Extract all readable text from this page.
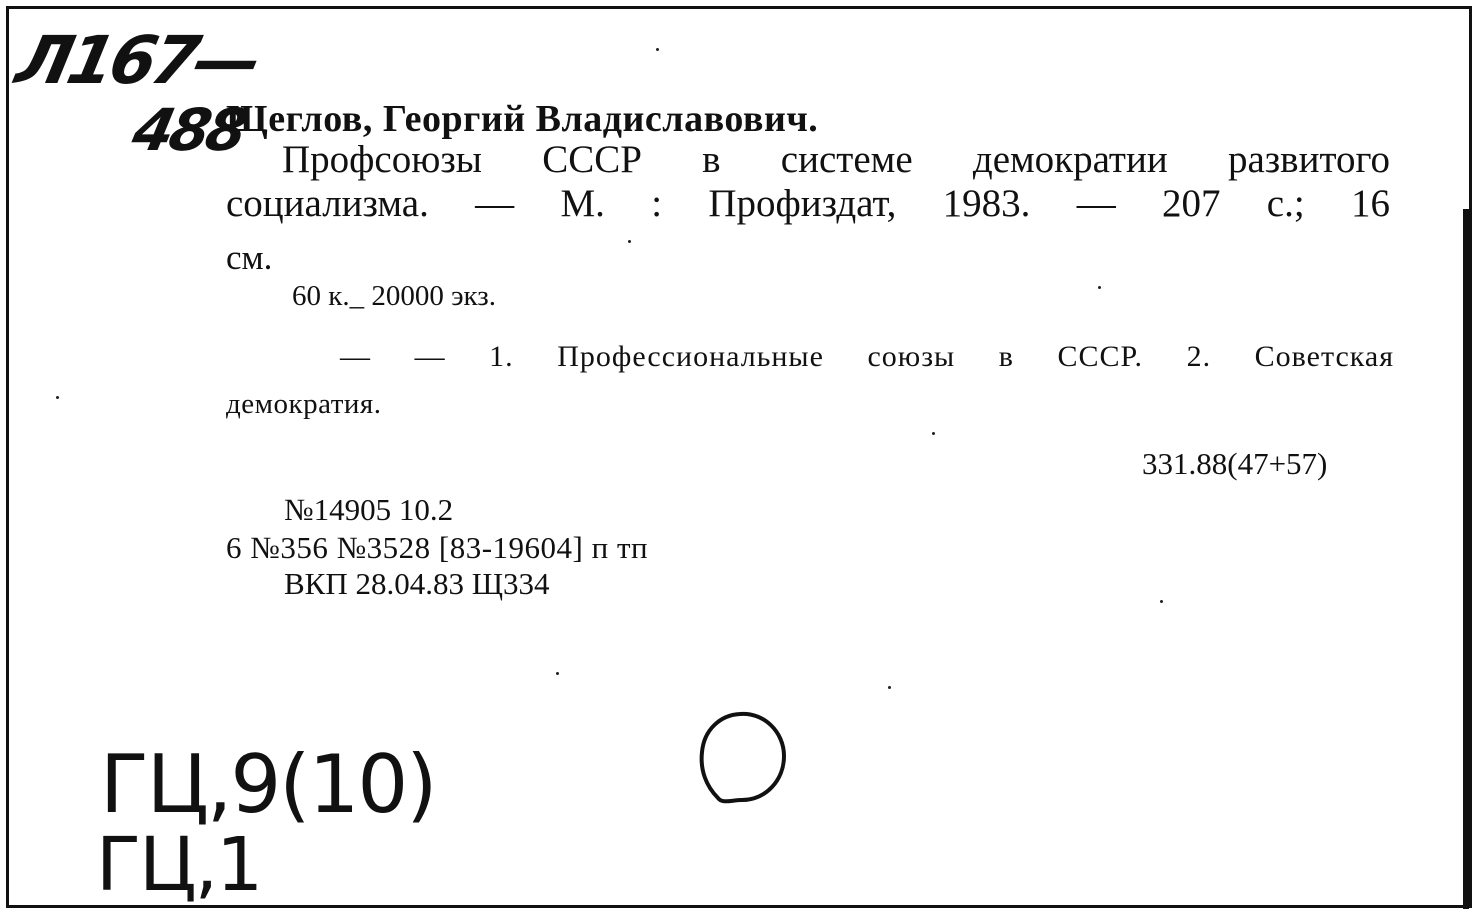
Л167—
488
Щеглов, Георгий Владиславович.
Профсоюзы СССР в системе демократии развитого
социализма. — М. : Профиздат, 1983. — 207 с.; 16
см.
60 к._ 20000 экз.
— — 1. Профессиональные союзы в СССР. 2. Советская
демократия.
331.88(47+57)
№14905 10.2
6 №356 №3528 [83-19604] п тп
ВКП 28.04.83 Щ334
ГЦ,9(10)
ГЦ,1
